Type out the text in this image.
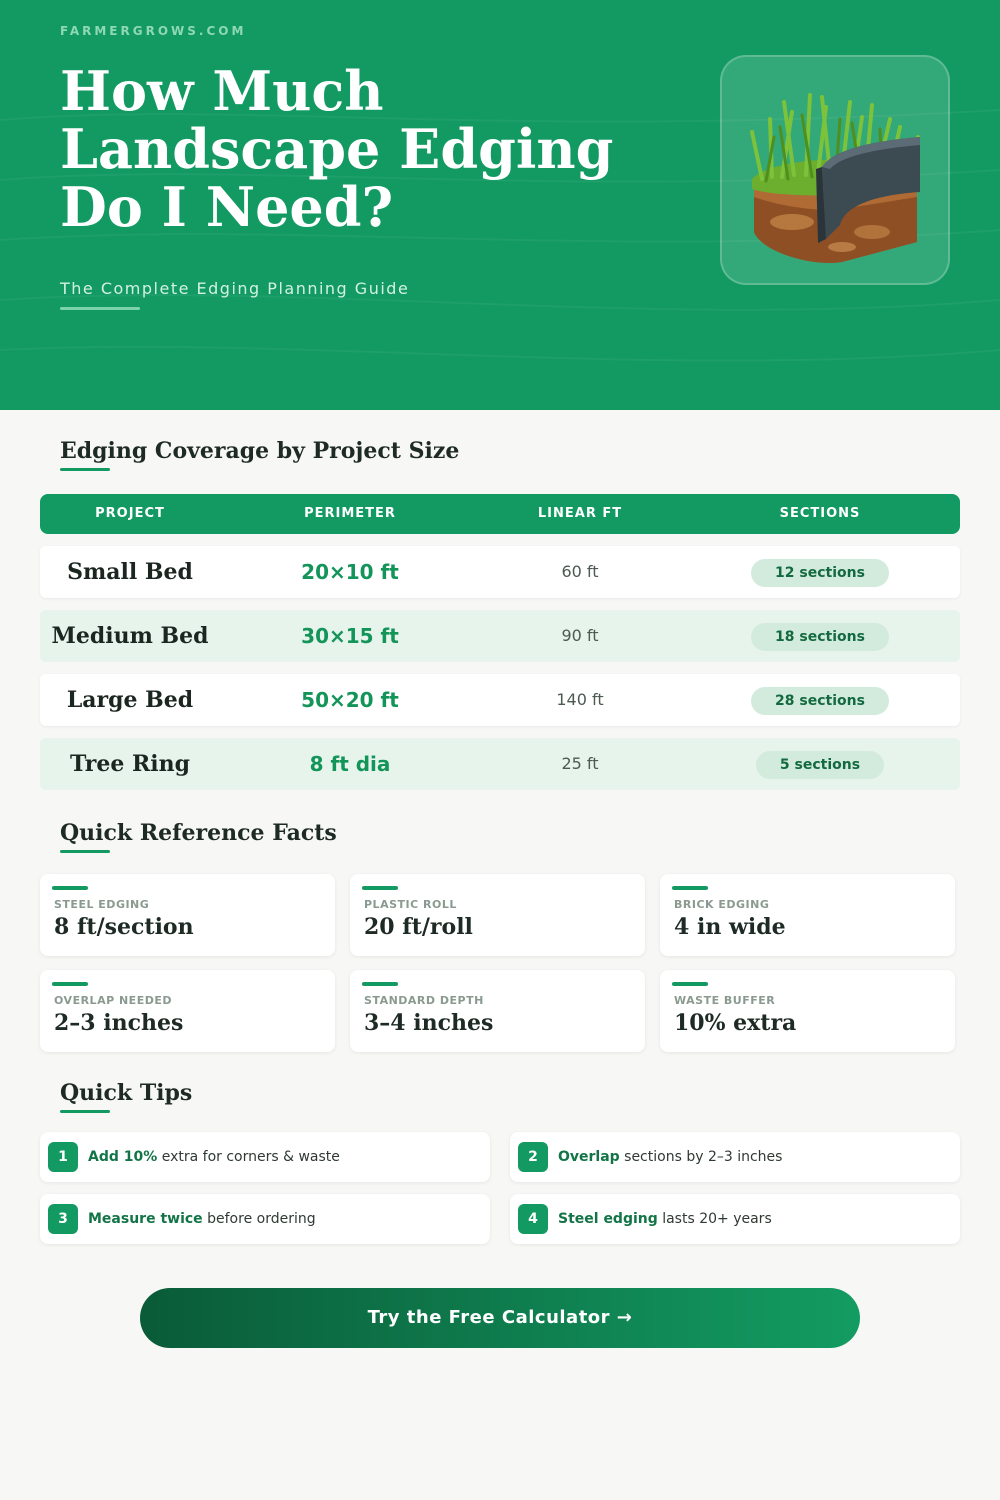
FARMERGROWS.COM
How Much Landscape Edging Do I Need?
The Complete Edging Planning Guide
Edging Coverage by Project Size
PROJECT	PERIMETER	LINEAR FT	SECTIONS
Small Bed	20×10 ft	60 ft	12 sections
Medium Bed	30×15 ft	90 ft	18 sections
Large Bed	50×20 ft	140 ft	28 sections
Tree Ring	8 ft dia	25 ft	5 sections
Quick Reference Facts
STEEL EDGING
8 ft/section
PLASTIC ROLL
20 ft/roll
BRICK EDGING
4 in wide
OVERLAP NEEDED
2–3 inches
STANDARD DEPTH
3–4 inches
WASTE BUFFER
10% extra
Quick Tips
1	Add 10% extra for corners & waste	2	Overlap sections by 2–3 inches
3	Measure twice before ordering	4	Steel edging lasts 20+ years
Try the Free Calculator →
